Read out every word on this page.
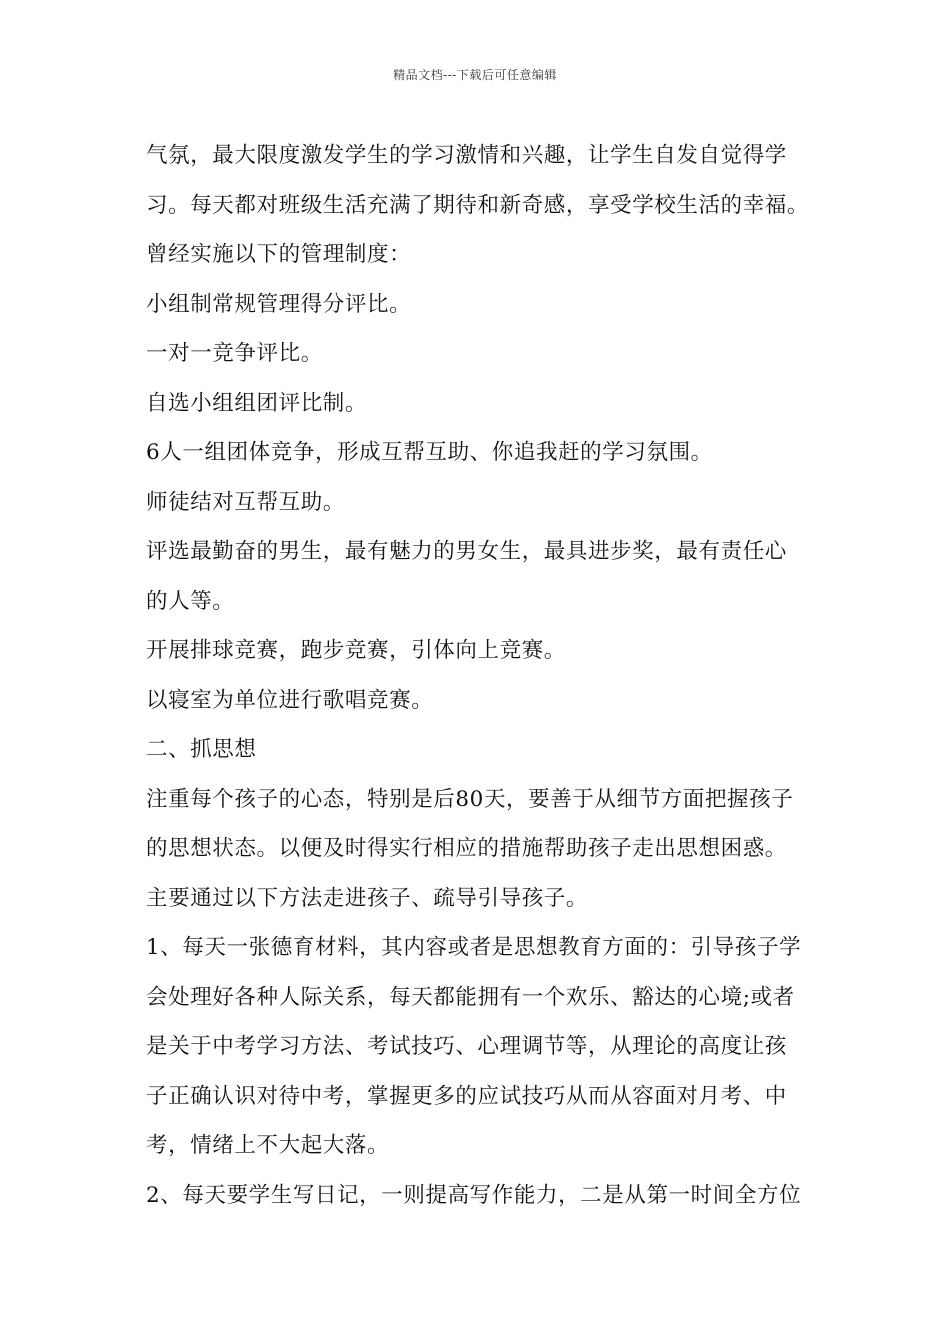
精品文档---下载后可任意编辑
气氛，最大限度激发学生的学习激情和兴趣，让学生自发自觉得学
习。每天都对班级生活充满了期待和新奇感，享受学校生活的幸福。
曾经实施以下的管理制度：
小组制常规管理得分评比。
一对一竞争评比。
自选小组组团评比制。
6人一组团体竞争，形成互帮互助、你追我赶的学习氛围。
师徒结对互帮互助。
评选最勤奋的男生，最有魅力的男女生，最具进步奖，最有责任心
的人等。
开展排球竞赛，跑步竞赛，引体向上竞赛。
以寝室为单位进行歌唱竞赛。
二、抓思想
注重每个孩子的心态，特别是后80天，要善于从细节方面把握孩子
的思想状态。以便及时得实行相应的措施帮助孩子走出思想困惑。
主要通过以下方法走进孩子、疏导引导孩子。
1、每天一张德育材料，其内容或者是思想教育方面的：引导孩子学
会处理好各种人际关系，每天都能拥有一个欢乐、豁达的心境;或者
是关于中考学习方法、考试技巧、心理调节等，从理论的高度让孩
子正确认识对待中考，掌握更多的应试技巧从而从容面对月考、中
考，情绪上不大起大落。
2、每天要学生写日记，一则提高写作能力，二是从第一时间全方位
